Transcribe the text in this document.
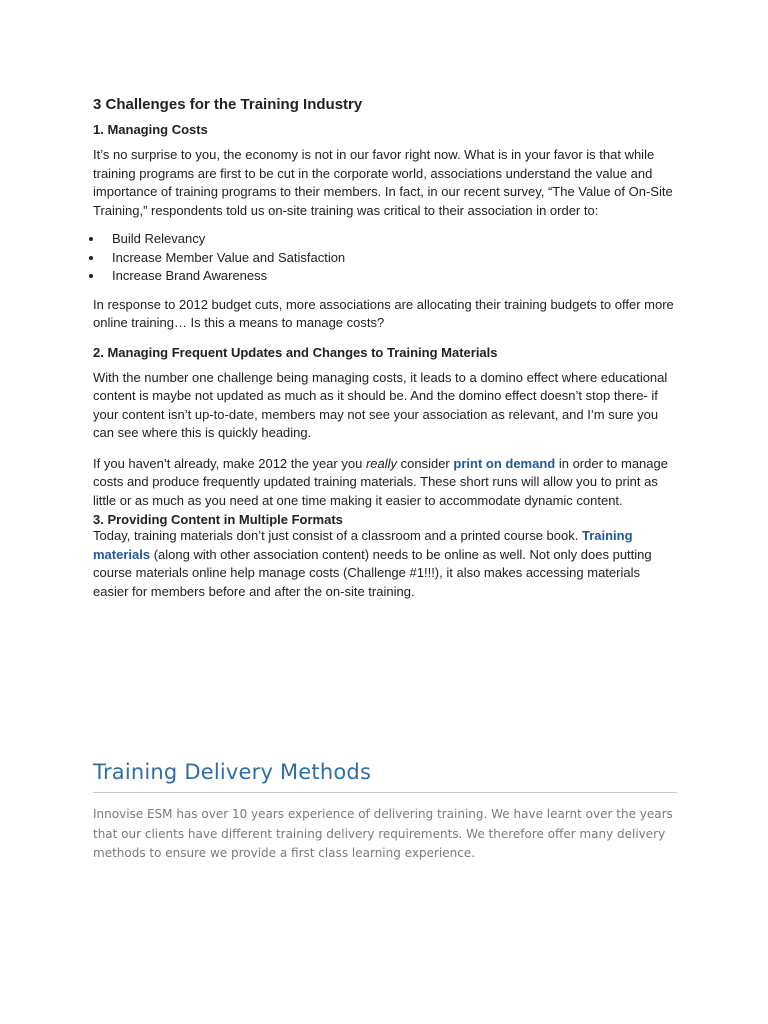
3 Challenges for the Training Industry
1. Managing Costs

It’s no surprise to you, the economy is not in our favor right now. What is in your favor is that while training programs are first to be cut in the corporate world, associations understand the value and importance of training programs to their members. In fact, in our recent survey, “The Value of On-Site Training,” respondents told us on-site training was critical to their association in order to:

Build Relevancy
Increase Member Value and Satisfaction
Increase Brand Awareness

In response to 2012 budget cuts, more associations are allocating their training budgets to offer more online training… Is this a means to manage costs?

2. Managing Frequent Updates and Changes to Training Materials

With the number one challenge being managing costs, it leads to a domino effect where educational content is maybe not updated as much as it should be. And the domino effect doesn’t stop there- if your content isn’t up-to-date, members may not see your association as relevant, and I’m sure you can see where this is quickly heading.

If you haven’t already, make 2012 the year you really consider print on demand in order to manage costs and produce frequently updated training materials. These short runs will allow you to print as little or as much as you need at one time making it easier to accommodate dynamic content.

3. Providing Content in Multiple Formats

Today, training materials don’t just consist of a classroom and a printed course book. Training materials (along with other association content) needs to be online as well. Not only does putting course materials online help manage costs (Challenge #1!!!), it also makes accessing materials easier for members before and after the on-site training.

Training Delivery Methods

Innovise ESM has over 10 years experience of delivering training. We have learnt over the years that our clients have different training delivery requirements. We therefore offer many delivery methods to ensure we provide a first class learning experience.
